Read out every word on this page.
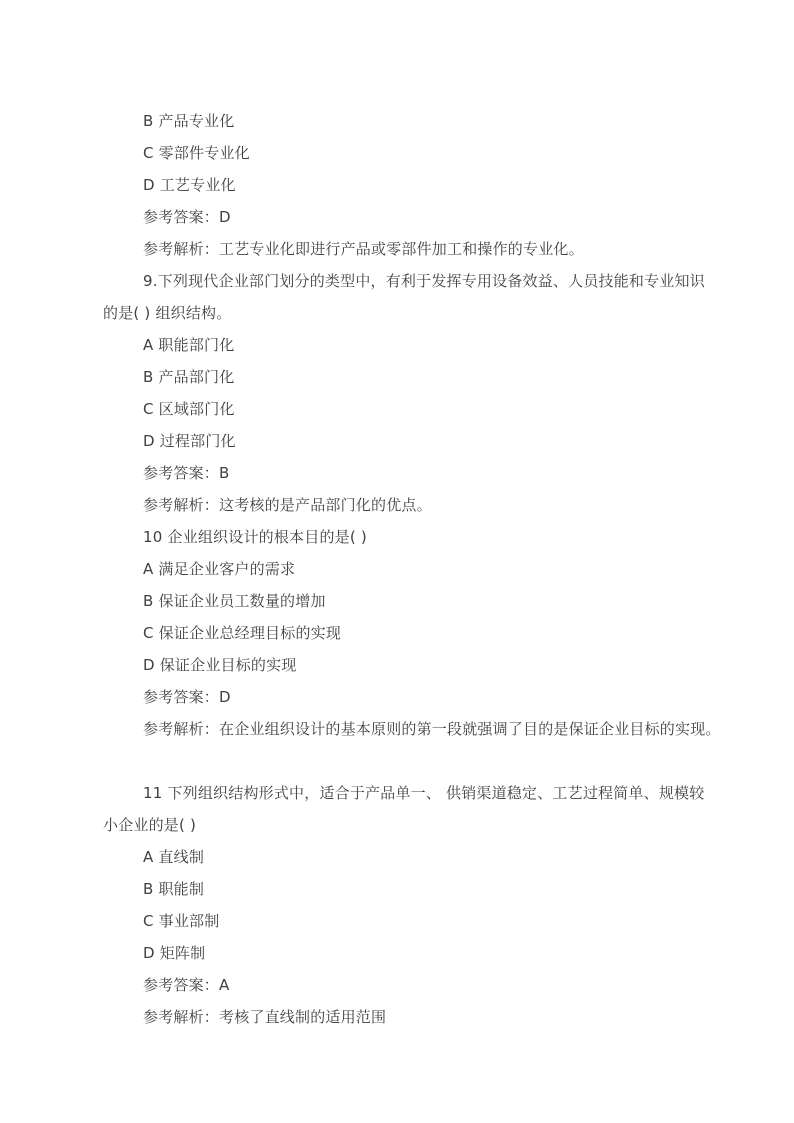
B 产品专业化
C 零部件专业化
D 工艺专业化
参考答案：D
参考解析：工艺专业化即进行产品或零部件加工和操作的专业化。
9.下列现代企业部门划分的类型中，有利于发挥专用设备效益、人员技能和专业知识
的是( ) 组织结构。
A 职能部门化
B 产品部门化
C 区域部门化
D 过程部门化
参考答案：B
参考解析：这考核的是产品部门化的优点。
10 企业组织设计的根本目的是( )
A 满足企业客户的需求
B 保证企业员工数量的增加
C 保证企业总经理目标的实现
D 保证企业目标的实现
参考答案：D
参考解析：在企业组织设计的基本原则的第一段就强调了目的是保证企业目标的实现。
11 下列组织结构形式中，适合于产品单一、 供销渠道稳定、工艺过程简单、规模较
小企业的是( )
A 直线制
B 职能制
C 事业部制
D 矩阵制
参考答案：A
参考解析：考核了直线制的适用范围
